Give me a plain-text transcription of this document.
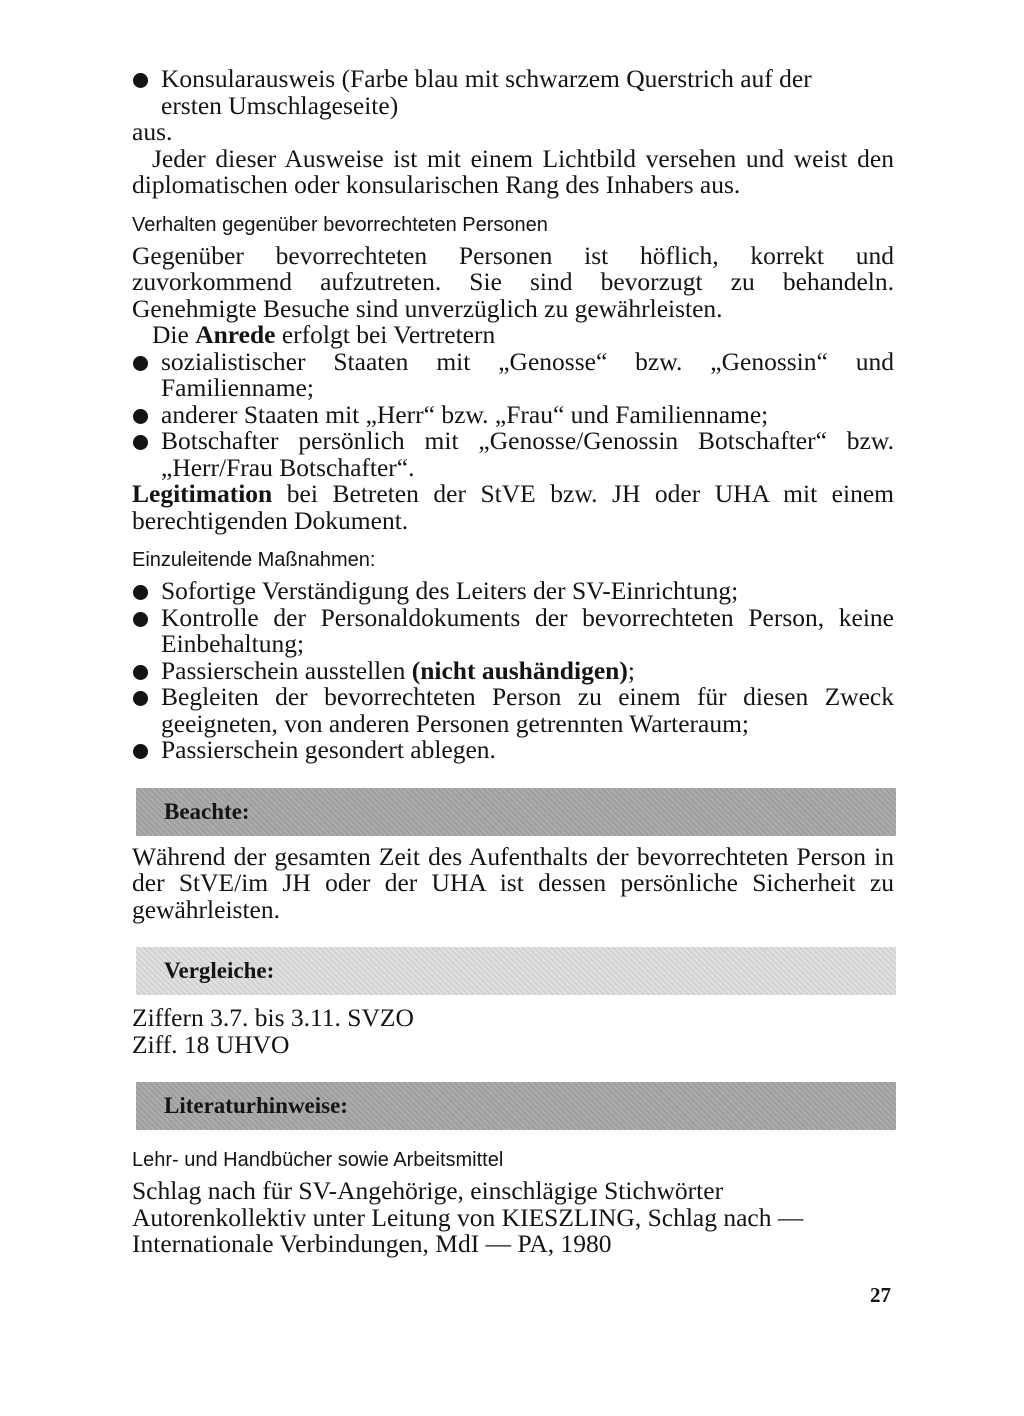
Konsularausweis (Farbe blau mit schwarzem Querstrich auf der
ersten Umschlageseite)
aus.
Jeder dieser Ausweise ist mit einem Lichtbild versehen und weist den diplomatischen oder konsularischen Rang des Inhabers aus.
Verhalten gegenüber bevorrechteten Personen
Gegenüber bevorrechteten Personen ist höflich, korrekt und zuvorkommend aufzutreten. Sie sind bevorzugt zu behandeln. Genehmigte Besuche sind unverzüglich zu gewährleisten.
Die Anrede erfolgt bei Vertretern
sozialistischer Staaten mit „Genosse“ bzw. „Genossin“ und Familienname;
anderer Staaten mit „Herr“ bzw. „Frau“ und Familienname;
Botschafter persönlich mit „Genosse/Genossin Botschafter“ bzw. „Herr/Frau Botschafter“.
Legitimation bei Betreten der StVE bzw. JH oder UHA mit einem berechtigenden Dokument.
Einzuleitende Maßnahmen:
Sofortige Verständigung des Leiters der SV-Einrichtung;
Kontrolle der Personaldokuments der bevorrechteten Person, keine Einbehaltung;
Passierschein ausstellen (nicht aushändigen);
Begleiten der bevorrechteten Person zu einem für diesen Zweck geeigneten, von anderen Personen getrennten Warteraum;
Passierschein gesondert ablegen.
Beachte:
Während der gesamten Zeit des Aufenthalts der bevorrechteten Person in der StVE/im JH oder der UHA ist dessen persönliche Sicherheit zu gewährleisten.
Vergleiche:
Ziffern 3.7. bis 3.11. SVZO
Ziff. 18 UHVO
Literaturhinweise:
Lehr- und Handbücher sowie Arbeitsmittel
Schlag nach für SV-Angehörige, einschlägige Stichwörter
Autorenkollektiv unter Leitung von KIESZLING, Schlag nach —
Internationale Verbindungen, MdI — PA, 1980
27
